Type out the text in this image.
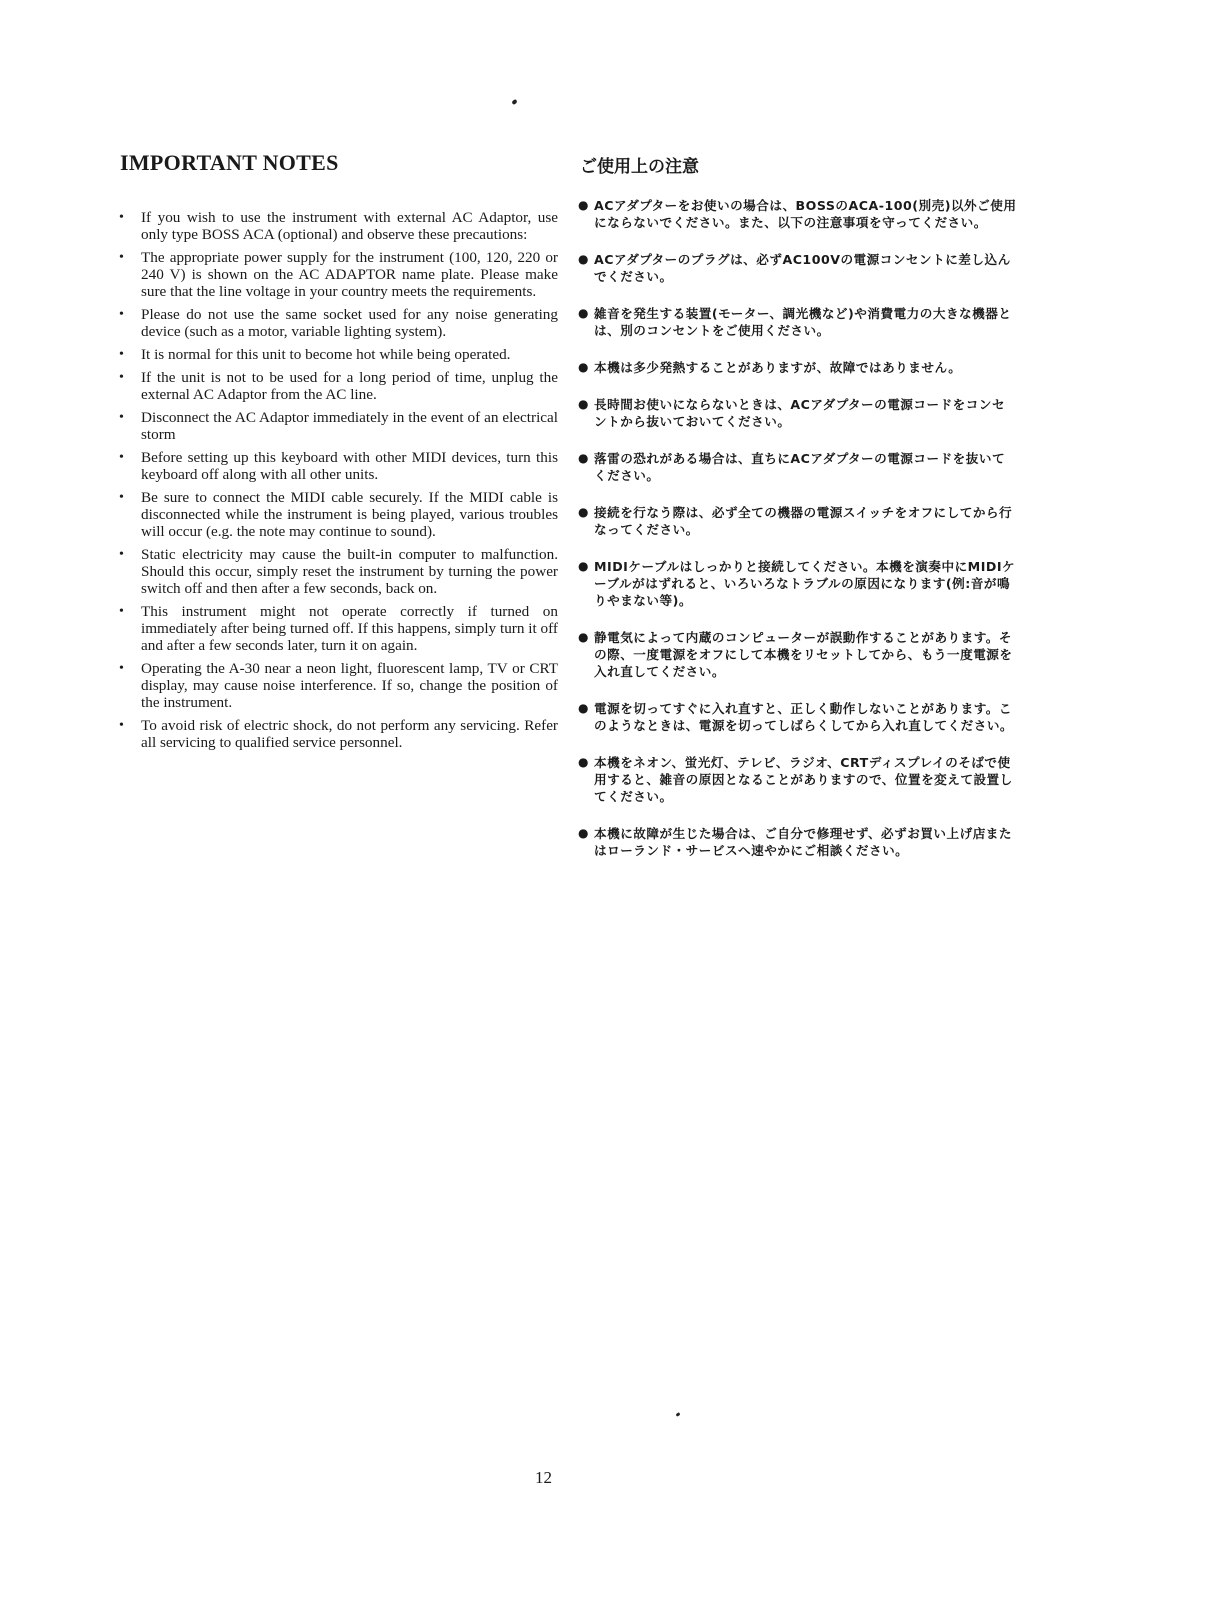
IMPORTANT NOTES
• If you wish to use the instrument with external AC Adaptor, use only type BOSS ACA (optional) and observe these precautions:
• The appropriate power supply for the instrument (100, 120, 220 or 240 V) is shown on the AC ADAPTOR name plate. Please make sure that the line voltage in your country meets the requirements.
• Please do not use the same socket used for any noise generating device (such as a motor, variable lighting system).
• It is normal for this unit to become hot while being operated.
• If the unit is not to be used for a long period of time, unplug the external AC Adaptor from the AC line.
• Disconnect the AC Adaptor immediately in the event of an electrical storm
• Before setting up this keyboard with other MIDI devices, turn this keyboard off along with all other units.
• Be sure to connect the MIDI cable securely. If the MIDI cable is disconnected while the instrument is being played, various troubles will occur (e.g. the note may continue to sound).
• Static electricity may cause the built-in computer to malfunction. Should this occur, simply reset the instrument by turning the power switch off and then after a few seconds, back on.
• This instrument might not operate correctly if turned on immediately after being turned off. If this happens, simply turn it off and after a few seconds later, turn it on again.
• Operating the A-30 near a neon light, fluorescent lamp, TV or CRT display, may cause noise interference. If so, change the position of the instrument.
• To avoid risk of electric shock, do not perform any servicing. Refer all servicing to qualified service personnel.
ご使用上の注意
● ACアダプターをお使いの場合は、BOSSのACA-100(別売)以外ご使用にならないでください。また、以下の注意事項を守ってください。
● ACアダプターのプラグは、必ずAC100Vの電源コンセントに差し込んでください。
● 雑音を発生する装置(モーター、調光機など)や消費電力の大きな機器とは、別のコンセントをご使用ください。
● 本機は多少発熱することがありますが、故障ではありません。
● 長時間お使いにならないときは、ACアダプターの電源コードをコンセントから抜いておいてください。
● 落雷の恐れがある場合は、直ちにACアダプターの電源コードを抜いてください。
● 接続を行なう際は、必ず全ての機器の電源スイッチをオフにしてから行なってください。
● MIDIケーブルはしっかりと接続してください。本機を演奏中にMIDIケーブルがはずれると、いろいろなトラブルの原因になります(例:音が鳴りやまない等)。
● 静電気によって内蔵のコンピューターが誤動作することがあります。その際、一度電源をオフにして本機をリセットしてから、もう一度電源を入れ直してください。
● 電源を切ってすぐに入れ直すと、正しく動作しないことがあります。このようなときは、電源を切ってしばらくしてから入れ直してください。
● 本機をネオン、蛍光灯、テレビ、ラジオ、CRTディスプレイのそばで使用すると、雑音の原因となることがありますので、位置を変えて設置してください。
● 本機に故障が生じた場合は、ご自分で修理せず、必ずお買い上げ店またはローランド・サービスへ速やかにご相談ください。
12
